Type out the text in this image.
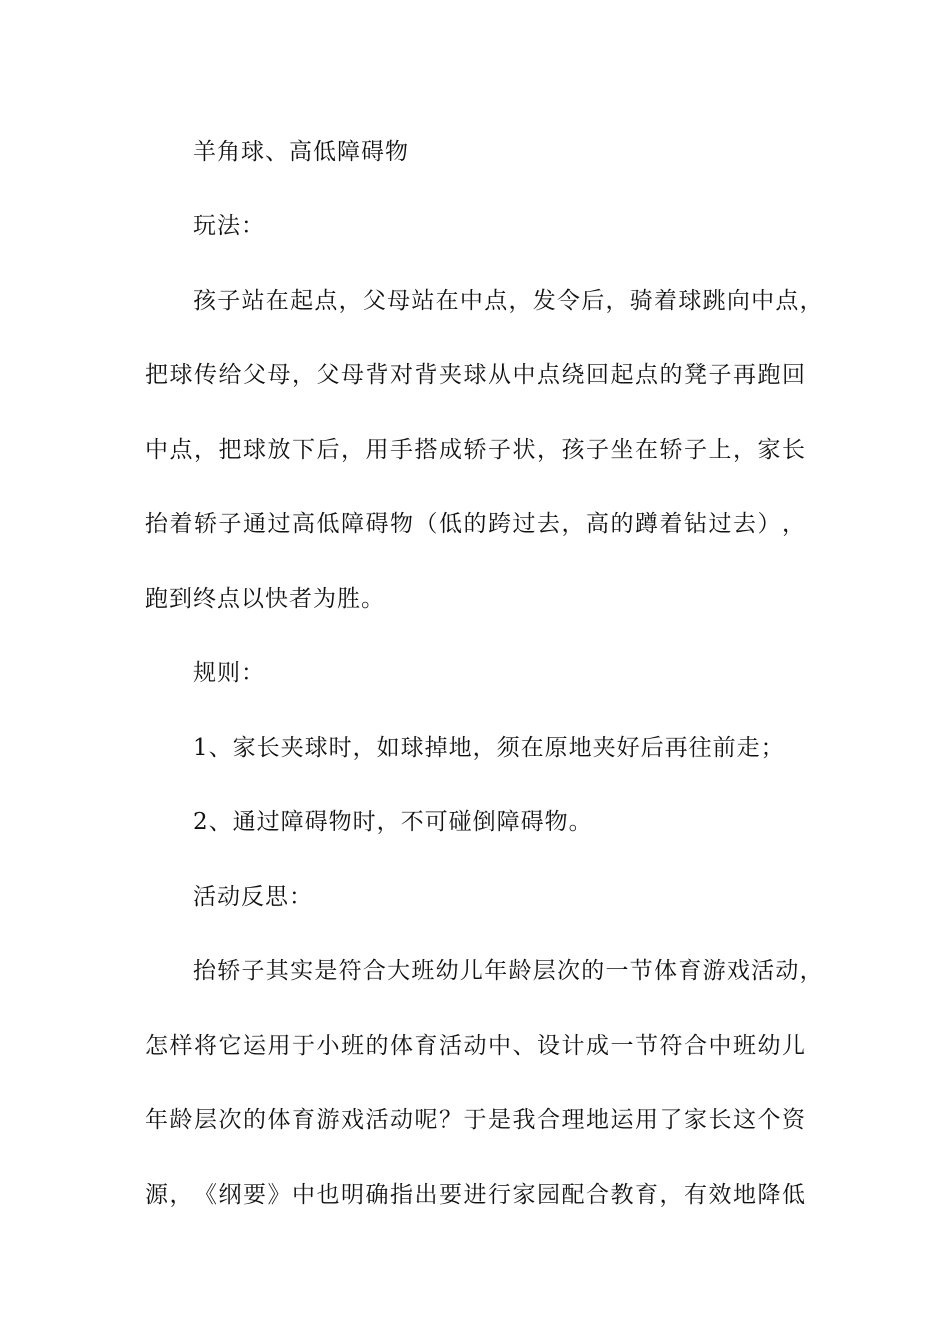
羊角球、高低障碍物
玩法：
孩 子 站 在 起 点 ， 父 母 站 在 中 点 ， 发 令 后 ， 骑 着 球 跳 向 中 点 ，
把 球 传 给 父 母 ， 父 母 背 对 背 夹 球 从 中 点 绕 回 起 点 的 凳 子 再 跑 回
中 点 ， 把 球 放 下 后 ， 用 手 搭 成 轿 子 状 ， 孩 子 坐 在 轿 子 上 ， 家 长
抬 着 轿 子 通 过 高 低 障 碍 物 （ 低 的 跨 过 去 ， 高 的 蹲 着 钻 过 去 ） ，
跑到终点以快者为胜。
规则：
1、家长夹球时，如球掉地，须在原地夹好后再往前走；
2、通过障碍物时，不可碰倒障碍物。
活动反思：
抬 轿 子 其 实 是 符 合 大 班 幼 儿 年 龄 层 次 的 一 节 体 育 游 戏 活 动 ，
怎 样 将 它 运 用 于 小 班 的 体 育 活 动 中 、 设 计 成 一 节 符 合 中 班 幼 儿
年 龄 层 次 的 体 育 游 戏 活 动 呢 ？ 于 是 我 合 理 地 运 用 了 家 长 这 个 资
源 ， 《 纲 要 》 中 也 明 确 指 出 要 进 行 家 园 配 合 教 育 ， 有 效 地 降 低
